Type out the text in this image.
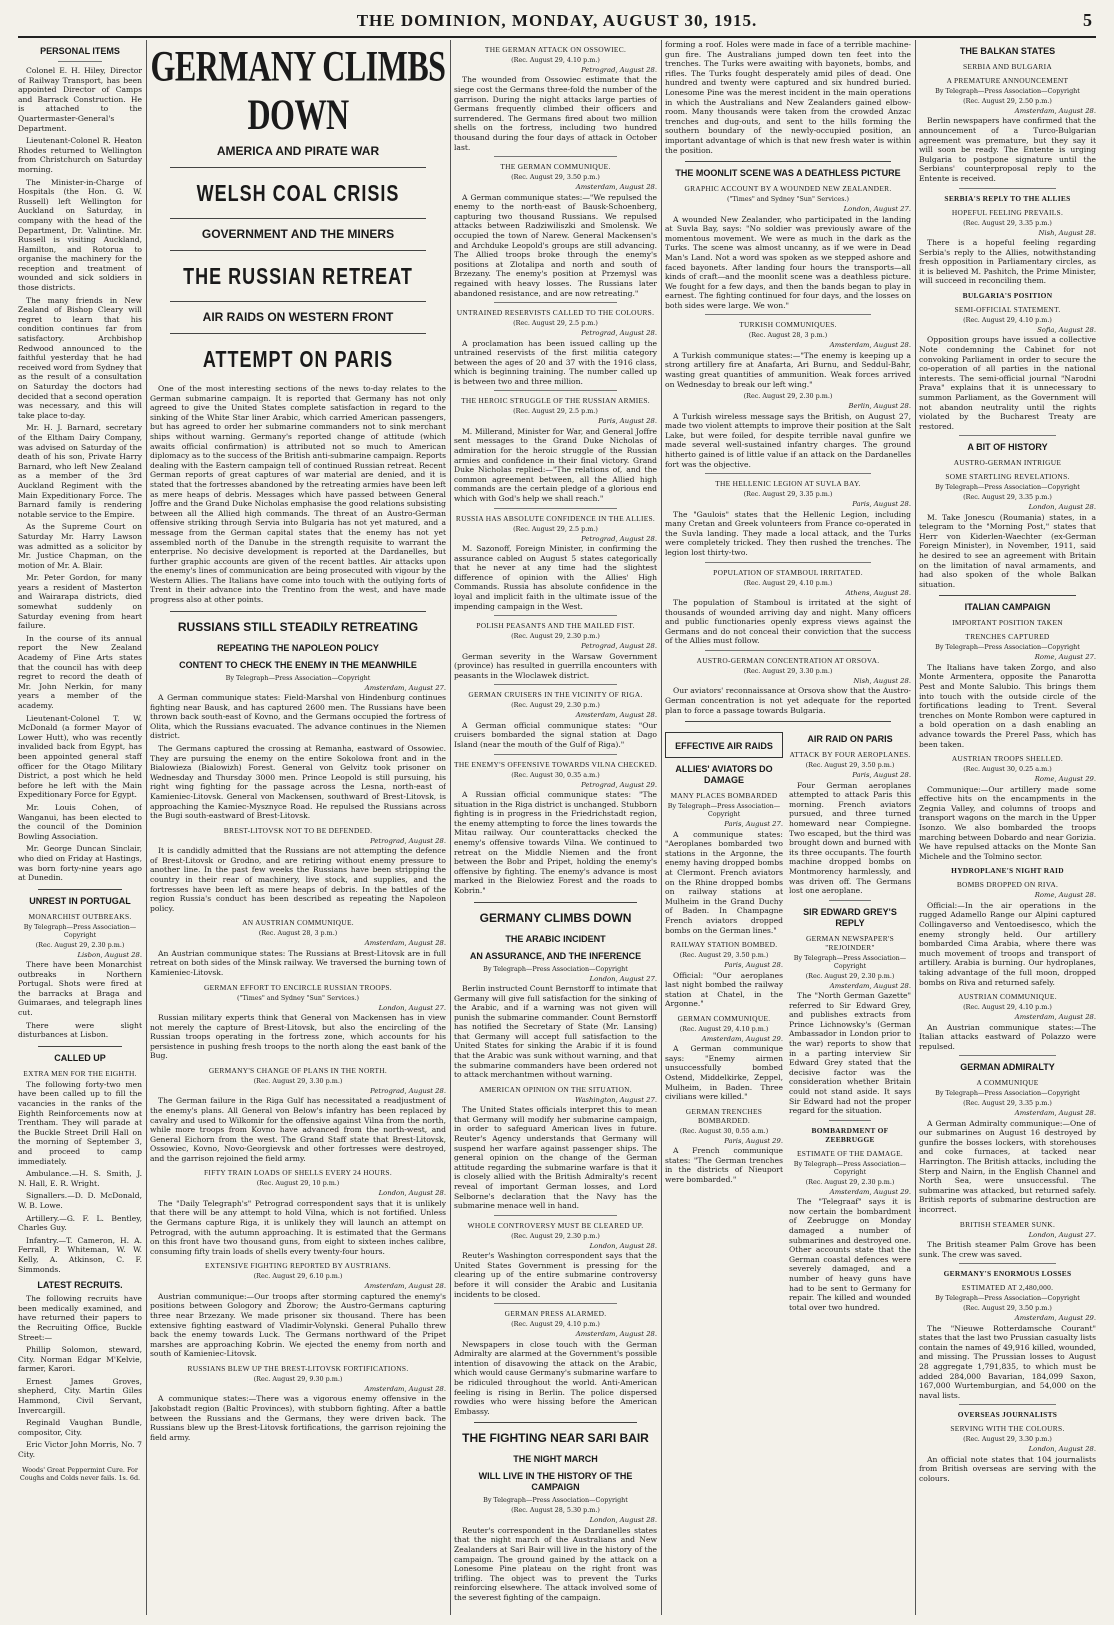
THE DOMINION, MONDAY, AUGUST 30, 1915.	5
PERSONAL ITEMS

Colonel E. H. Hiley, Director of Railway Transport, has been appointed Director of Camps and Barrack Construction. He is attached to the Quartermaster-General's Department.

Lieutenant-Colonel R. Heaton Rhodes returned to Wellington from Christchurch on Saturday morning.

The Minister-in-Charge of Hospitals (the Hon. G. W. Russell) left Wellington for Auckland on Saturday, in company with the head of the Department, Dr. Valintine. Mr. Russell is visiting Auckland, Hamilton, and Rotorua to organise the machinery for the reception and treatment of wounded and sick soldiers in those districts.

The many friends in New Zealand of Bishop Cleary will regret to learn that his condition continues far from satisfactory. Archbishop Redwood announced to the faithful yesterday that he had received word from Sydney that as the result of a consultation on Saturday the doctors had decided that a second operation was necessary, and this will take place to-day.

Mr. H. J. Barnard, secretary of the Eltham Dairy Company, was advised on Saturday of the death of his son, Private Harry Barnard, who left New Zealand as a member of the 3rd Auckland Regiment with the Main Expeditionary Force. The Barnard family is rendering notable service to the Empire.

As the Supreme Court on Saturday Mr. Harry Lawson was admitted as a solicitor by Mr. Justice Chapman, on the motion of Mr. A. Blair.

Mr. Peter Gordon, for many years a resident of Masterton and Wairarapa districts, died somewhat suddenly on Saturday evening from heart failure.

In the course of its annual report the New Zealand Academy of Fine Arts states that the council has with deep regret to record the death of Mr. John Nerkin, for many years a member of the academy.

Lieutenant-Colonel T. W. McDonald (a former Mayor of Lower Hutt), who was recently invalided back from Egypt, has been appointed general staff officer for the Otago Military District, a post which he held before he left with the Main Expeditionary Force for Egypt.

Mr. Louis Cohen, of Wanganui, has been elected to the council of the Dominion Bowling Association.

Mr. George Duncan Sinclair, who died on Friday at Hastings, was born forty-nine years ago at Dunedin.

UNREST IN PORTUGAL
MONARCHIST OUTBREAKS.
By Telegraph—Press Association—Copyright
(Rec. August 29, 2.30 p.m.)
Lisbon, August 28.

There have been Monarchist outbreaks in Northern Portugal. Shots were fired at the barracks at Braga and Guimaraes, and telegraph lines cut.

There were slight disturbances at Lisbon.

CALLED UP
EXTRA MEN FOR THE EIGHTH.

The following forty-two men have been called up to fill the vacancies in the ranks of the Eighth Reinforcements now at Trentham. They will parade at the Buckle Street Drill Hall on the morning of September 3, and proceed to camp immediately.

Ambulance.—H. S. Smith, J. N. Hall, E. R. Wright.

Signallers.—D. D. McDonald, W. B. Lowe.

Artillery.—G. F. L. Bentley, Charles Guy.

Infantry.—T. Cameron, H. A. Ferrall, P. Whiteman, W. W. Kelly, A. Atkinson, C. F. Simmonds.

LATEST RECRUITS.

The following recruits have been medically examined, and have returned their papers to the Recruiting Office, Buckle Street:—

Phillip Solomon, steward, City. Norman Edgar M'Kelvie, farmer, Karori.

Ernest James Groves, shepherd, City. Martin Giles Hammond, Civil Servant, Invercargill.

Reginald Vaughan Bundle, compositor, City.

Eric Victor John Morris, No. 7 City.

Woods' Great Peppermint Cure. For Coughs and Colds never fails. 1s. 6d.
GERMANY CLIMBS DOWN
AMERICA AND PIRATE WAR
WELSH COAL CRISIS
GOVERNMENT AND THE MINERS
THE RUSSIAN RETREAT
AIR RAIDS ON WESTERN FRONT
ATTEMPT ON PARIS

One of the most interesting sections of the news to-day relates to the German submarine campaign. It is reported that Germany has not only agreed to give the United States complete satisfaction in regard to the sinking of the White Star liner Arabic, which carried American passengers, but has agreed to order her submarine commanders not to sink merchant ships without warning. Germany's reported change of attitude (which awaits official confirmation) is attributed not so much to American diplomacy as to the success of the British anti-submarine campaign. Reports dealing with the Eastern campaign tell of continued Russian retreat. Recent German reports of great captures of war material are denied, and it is stated that the fortresses abandoned by the retreating armies have been left as mere heaps of debris. Messages which have passed between General Joffre and the Grand Duke Nicholas emphasise the good relations subsisting between all the Allied high commands. The threat of an Austro-German offensive striking through Servia into Bulgaria has not yet matured, and a message from the German capital states that the enemy has not yet assembled north of the Danube in the strength requisite to warrant the enterprise. No decisive development is reported at the Dardanelles, but further graphic accounts are given of the recent battles. Air attacks upon the enemy's lines of communication are being prosecuted with vigour by the Western Allies. The Italians have come into touch with the outlying forts of Trent in their advance into the Trentino from the west, and have made progress also at other points.

RUSSIANS STILL STEADILY RETREATING
REPEATING THE NAPOLEON POLICY
CONTENT TO CHECK THE ENEMY IN THE MEANWHILE
By Telegraph—Press Association—Copyright
Amsterdam, August 27.

A German communique states: Field-Marshal von Hindenburg continues fighting near Bausk, and has captured 2600 men. The Russians have been thrown back south-east of Kovno, and the Germans occupied the fortress of Olita, which the Russians evacuated. The advance continues in the Niemen district.

The Germans captured the crossing at Remanha, eastward of Ossowiec. They are pursuing the enemy on the entire Sokolowa front and in the Bialowieza (Bialowizh) Forest. General von Gelvitz took prisoner on Wednesday and Thursday 3000 men. Prince Leopold is still pursuing, his right wing fighting for the passage across the Lesna, north-east of Kamieniec-Litovsk. General von Mackensen, southward of Brest-Litovsk, is approaching the Kamiec-Mysznyce Road. He repulsed the Russians across the Bugi south-eastward of Brest-Litovsk.

BREST-LITOVSK NOT TO BE DEFENDED.
Petrograd, August 28.

It is candidly admitted that the Russians are not attempting the defence of Brest-Litovsk or Grodno, and are retiring without enemy pressure to another line. In the past few weeks the Russians have been stripping the country in their rear of machinery, live stock, and supplies, and the fortresses have been left as mere heaps of debris. In the battles of the region Russia's conduct has been described as repeating the Napoleon policy.

AN AUSTRIAN COMMUNIQUE.
(Rec. August 28, 3 p.m.)
Amsterdam, August 28.

An Austrian communique states: The Russians at Brest-Litovsk are in full retreat on both sides of the Minsk railway. We traversed the burning town of Kamieniec-Litovsk.

GERMAN EFFORT TO ENCIRCLE RUSSIAN TROOPS.
("Times" and Sydney "Sun" Services.)
London, August 27.

Russian military experts think that General von Mackensen has in view not merely the capture of Brest-Litovsk, but also the encircling of the Russian troops operating in the fortress zone, which accounts for his persistence in pushing fresh troops to the north along the east bank of the Bug.

GERMANY'S CHANGE OF PLANS IN THE NORTH.
(Rec. August 29, 3.30 p.m.)
Petrograd, August 28.

The German failure in the Riga Gulf has necessitated a readjustment of the enemy's plans. All General von Below's infantry has been replaced by cavalry and used to Wilkomir for the offensive against Vilna from the north, while more troops from Kovno have advanced from the north-west, and General Eichorn from the west. The Grand Staff state that Brest-Litovsk, Ossowiec, Kovno, Novo-Georgievsk and other fortresses were destroyed, and the garrison rejoined the field army.

FIFTY TRAIN LOADS OF SHELLS EVERY 24 HOURS.
(Rec. August 29, 10 p.m.)
London, August 28.

The "Daily Telegraph's" Petrograd correspondent says that it is unlikely that there will be any attempt to hold Vilna, which is not fortified. Unless the Germans capture Riga, it is unlikely they will launch an attempt on Petrograd, with the autumn approaching. It is estimated that the Germans on this front have two thousand guns, from eight to sixteen inches calibre, consuming fifty train loads of shells every twenty-four hours.

EXTENSIVE FIGHTING REPORTED BY AUSTRIANS.
(Rec. August 29, 6.10 p.m.)
Amsterdam, August 28.

Austrian communique:—Our troops after storming captured the enemy's positions between Gologory and Zborow; the Austro-Germans capturing three near Brzezany. We made prisoner six thousand. There has been extensive fighting eastward of Vladimir-Volynski. General Puhallo threw back the enemy towards Luck. The Germans northward of the Pripet marshes are approaching Kobrin. We ejected the enemy from north and south of Kamieniec-Litovsk.

RUSSIANS BLEW UP THE BREST-LITOVSK FORTIFICATIONS.
(Rec. August 29, 9.30 p.m.)
Amsterdam, August 28.

A communique states:—There was a vigorous enemy offensive in the Jakobstadt region (Baltic Provinces), with stubborn fighting. After a battle between the Russians and the Germans, they were driven back. The Russians blew up the Brest-Litovsk fortifications, the garrison rejoining the field army.

THE GERMAN ATTACK ON OSSOWIEC.
(Rec. August 29, 4.10 p.m.)
Petrograd, August 28.

The wounded from Ossowiec estimate that the siege cost the Germans three-fold the number of the garrison. During the night attacks large parties of Germans frequently climbed their officers and surrendered. The Germans fired about two million shells on the fortress, including two hundred thousand during the four days of attack in October last.

THE GERMAN COMMUNIQUE.
(Rec. August 29, 3.50 p.m.)
Amsterdam, August 28.

A German communique states:—"We repulsed the enemy to the north-east of Bausk-Schoenberg, capturing two thousand Russians. We repulsed attacks between Radziwiliszki and Smolensk. We occupied the town of Narew. General Mackensen's and Archduke Leopold's groups are still advancing. The Allied troops broke through the enemy's positions at Zlotalipa and north and south of Brzezany. The enemy's position at Przemysl was regained with heavy losses. The Russians later abandoned resistance, and are now retreating."

UNTRAINED RESERVISTS CALLED TO THE COLOURS.
(Rec. August 29, 2.5 p.m.)
Petrograd, August 28.

A proclamation has been issued calling up the untrained reservists of the first militia category between the ages of 20 and 37 with the 1916 class, which is beginning training. The number called up is between two and three million.

THE HEROIC STRUGGLE OF THE RUSSIAN ARMIES.
(Rec. August 29, 2.5 p.m.)
Paris, August 28.

M. Millerand, Minister for War, and General Joffre sent messages to the Grand Duke Nicholas of admiration for the heroic struggle of the Russian armies and confidence in their final victory. Grand Duke Nicholas replied:—"The relations of, and the common agreement between, all the Allied high commands are the certain pledge of a glorious end which with God's help we shall reach."

RUSSIA HAS ABSOLUTE CONFIDENCE IN THE ALLIES.
(Rec. August 29, 2.5 p.m.)
Petrograd, August 28.

M. Sazonoff, Foreign Minister, in confirming the assurance cabled on August 5 states categorically that he never at any time had the slightest difference of opinion with the Allies' High Commands. Russia has absolute confidence in the loyal and implicit faith in the ultimate issue of the impending campaign in the West.

POLISH PEASANTS AND THE MAILED FIST.
(Rec. August 29, 2.30 p.m.)
Petrograd, August 28.

German severity in the Warsaw Government (province) has resulted in guerrilla encounters with peasants in the Wloclawek district.

GERMAN CRUISERS IN THE VICINITY OF RIGA.
(Rec. August 29, 2.30 p.m.)
Amsterdam, August 28.

A German official communique states: "Our cruisers bombarded the signal station at Dago Island (near the mouth of the Gulf of Riga)."

THE ENEMY'S OFFENSIVE TOWARDS VILNA CHECKED.
(Rec. August 30, 0.35 a.m.)
Petrograd, August 29.

A Russian official communique states: "The situation in the Riga district is unchanged. Stubborn fighting is in progress in the Friedrichstadt region, the enemy attempting to force the lines towards the Mitau railway. Our counterattacks checked the enemy's offensive towards Vilna. We continued to retreat on the Middle Niemen and the front between the Bobr and Pripet, holding the enemy's offensive by fighting. The enemy's advance is most marked in the Bielowiez Forest and the roads to Kobrin."

GERMANY CLIMBS DOWN
THE ARABIC INCIDENT
AN ASSURANCE, AND THE INFERENCE
By Telegraph—Press Association—Copyright
London, August 27.

Berlin instructed Count Bernstorff to intimate that Germany will give full satisfaction for the sinking of the Arabic, and if a warning was not given will punish the submarine commander. Count Bernstorff has notified the Secretary of State (Mr. Lansing) that Germany will accept full satisfaction to the United States for sinking the Arabic if it is found that the Arabic was sunk without warning, and that the submarine commanders have been ordered not to attack merchantmen without warning.

AMERICAN OPINION ON THE SITUATION.
Washington, August 27.

The United States officials interpret this to mean that Germany will modify her submarine campaign, in order to safeguard American lives in future. Reuter's Agency understands that Germany will suspend her warfare against passenger ships. The general opinion on the change of the German attitude regarding the submarine warfare is that it is closely allied with the British Admiralty's recent reveal of important German losses, and Lord Selborne's declaration that the Navy has the submarine menace well in hand.

WHOLE CONTROVERSY MUST BE CLEARED UP.
(Rec. August 29, 2.30 p.m.)
London, August 28.

Reuter's Washington correspondent says that the United States Government is pressing for the clearing up of the entire submarine controversy before it will consider the Arabic and Lusitania incidents to be closed.

GERMAN PRESS ALARMED.
(Rec. August 29, 4.10 p.m.)
Amsterdam, August 28.

Newspapers in close touch with the German Admiralty are alarmed at the Government's possible intention of disavowing the attack on the Arabic, which would cause Germany's submarine warfare to be ridiculed throughout the world. Anti-American feeling is rising in Berlin. The police dispersed rowdies who were hissing before the American Embassy.

THE FIGHTING NEAR SARI BAIR
THE NIGHT MARCH
WILL LIVE IN THE HISTORY OF THE CAMPAIGN
By Telegraph—Press Association—Copyright
(Rec. August 28, 5.30 p.m.)
London, August 28.

Reuter's correspondent in the Dardanelles states that the night march of the Australians and New Zealanders at Sari Bair will live in the history of the campaign. The ground gained by the attack on a Lonesome Pine plateau on the right front was trifling. The object was to prevent the Turks reinforcing elsewhere. The attack involved some of the severest fighting of the campaign.

forming a roof. Holes were made in face of a terrible machine-gun fire. The Australians jumped down ten feet into the trenches. The Turks were awaiting with bayonets, bombs, and rifles. The Turks fought desperately amid piles of dead. One hundred and twenty were captured and six hundred buried. Lonesome Pine was the merest incident in the main operations in which the Australians and New Zealanders gained elbow-room. Many thousands were taken from the crowded Anzac trenches and dug-outs, and sent to the hills forming the southern boundary of the newly-occupied position, an important advantage of which is that new fresh water is within the position.

THE MOONLIT SCENE WAS A DEATHLESS PICTURE
GRAPHIC ACCOUNT BY A WOUNDED NEW ZEALANDER.
("Times" and Sydney "Sun" Services.)
London, August 27.

A wounded New Zealander, who participated in the landing at Suvla Bay, says: "No soldier was previously aware of the momentous movement. We were as much in the dark as the Turks. The scene was almost uncanny, as if we were in Dead Man's Land. Not a word was spoken as we stepped ashore and faced bayonets. After landing four hours the transports—all kinds of craft—and the moonlit scene was a deathless picture. We fought for a few days, and then the bands began to play in earnest. The fighting continued for four days, and the losses on both sides were large. We won."

TURKISH COMMUNIQUES.
(Rec. August 28, 3 p.m.)
Amsterdam, August 28.

A Turkish communique states:—"The enemy is keeping up a strong artillery fire at Anafarta, Ari Burnu, and Seddul-Bahr, wasting great quantities of ammunition. Weak forces arrived on Wednesday to break our left wing."

(Rec. August 29, 2.30 p.m.)
Berlin, August 28.

A Turkish wireless message says the British, on August 27, made two violent attempts to improve their position at the Salt Lake, but were foiled, for despite terrible naval gunfire we made several well-sustained infantry charges. The ground hitherto gained is of little value if an attack on the Dardanelles fort was the objective.

THE HELLENIC LEGION AT SUVLA BAY.
(Rec. August 29, 3.35 p.m.)
Paris, August 28.

The "Gaulois" states that the Hellenic Legion, including many Cretan and Greek volunteers from France co-operated in the Suvla landing. They made a local attack, and the Turks were completely tricked. They then rushed the trenches. The legion lost thirty-two.

POPULATION OF STAMBOUL IRRITATED.
(Rec. August 29, 4.10 p.m.)
Athens, August 28.

The population of Stamboul is irritated at the sight of thousands of wounded arriving day and night. Many officers and public functionaries openly express views against the Germans and do not conceal their conviction that the success of the Allies must follow.

AUSTRO-GERMAN CONCENTRATION AT ORSOVA.
(Rec. August 29, 3.30 p.m.)
Nish, August 28.

Our aviators' reconnaissance at Orsova show that the Austro-German concentration is not yet adequate for the reported plan to force a passage towards Bulgaria.

EFFECTIVE AIR RAIDS
ALLIES' AVIATORS DO DAMAGE
MANY PLACES BOMBARDED
By Telegraph—Press Association—Copyright
Paris, August 27.

A communique states: "Aeroplanes bombarded two stations in the Argonne, the enemy having dropped bombs at Clermont. French aviators on the Rhine dropped bombs on railway stations at Mulheim in the Grand Duchy of Baden. In Champagne French aviators dropped bombs on the German lines."

RAILWAY STATION BOMBED.
(Rec. August 29, 3.50 p.m.)
Paris, August 28.

Official: "Our aeroplanes last night bombed the railway station at Chatel, in the Argonne."

GERMAN COMMUNIQUE.
(Rec. August 29, 4.10 p.m.)
Amsterdam, August 29.

A German communique says: "Enemy airmen unsuccessfully bombed Ostend, Middelkirke, Zeppel, Mulheim, in Baden. Three civilians were killed."

GERMAN TRENCHES BOMBARDED.
(Rec. August 30, 0.55 a.m.)
Paris, August 29.

A French communique states: "The German trenches in the districts of Nieuport were bombarded."

AIR RAID ON PARIS
ATTACK BY FOUR AEROPLANES.
(Rec. August 29, 3.50 p.m.)
Paris, August 28.

Four German aeroplanes attempted to attack Paris this morning. French aviators pursued, and three turned homeward near Compiegne. Two escaped, but the third was brought down and burned with its three occupants. The fourth machine dropped bombs on Montmorency harmlessly, and was driven off. The Germans lost one aeroplane.

SIR EDWARD GREY'S REPLY
GERMAN NEWSPAPER'S "REJOINDER"
By Telegraph—Press Association—Copyright
(Rec. August 29, 2.30 p.m.)
Amsterdam, August 28.

The "North German Gazette" referred to Sir Edward Grey, and publishes extracts from Prince Lichnowsky's (German Ambassador in London prior to the war) reports to show that in a parting interview Sir Edward Grey stated that the decisive factor was the consideration whether Britain could not stand aside. It says Sir Edward had not the proper regard for the situation.

BOMBARDMENT OF ZEEBRUGGE
ESTIMATE OF THE DAMAGE.
By Telegraph—Press Association—Copyright
(Rec. August 29, 2.30 p.m.)
Amsterdam, August 29.

The "Telegraaf" says it is now certain the bombardment of Zeebrugge on Monday damaged a number of submarines and destroyed one. Other accounts state that the German coastal defences were severely damaged, and a number of heavy guns have had to be sent to Germany for repair. The killed and wounded total over two hundred.

THE BALKAN STATES
SERBIA AND BULGARIA
A PREMATURE ANNOUNCEMENT
By Telegraph—Press Association—Copyright
(Rec. August 29, 2.50 p.m.)
Amsterdam, August 28.

Berlin newspapers have confirmed that the announcement of a Turco-Bulgarian agreement was premature, but they say it will soon be ready. The Entente is urging Bulgaria to postpone signature until the Serbians' counterproposal reply to the Entente is received.

SERBIA'S REPLY TO THE ALLIES
HOPEFUL FEELING PREVAILS.
(Rec. August 29, 3.35 p.m.)
Nish, August 28.

There is a hopeful feeling regarding Serbia's reply to the Allies, notwithstanding fresh opposition in Parliamentary circles, as it is believed M. Pashitch, the Prime Minister, will succeed in reconciling them.

BULGARIA'S POSITION
SEMI-OFFICIAL STATEMENT.
(Rec. August 29, 4.10 p.m.)
Sofia, August 28.

Opposition groups have issued a collective Note condemning the Cabinet for not convoking Parliament in order to secure the co-operation of all parties in the national interests. The semi-official journal "Narodni Prava" explains that it is unnecessary to summon Parliament, as the Government will not abandon neutrality until the rights violated by the Bucharest Treaty are restored.

A BIT OF HISTORY
AUSTRO-GERMAN INTRIGUE
SOME STARTLING REVELATIONS.
By Telegraph—Press Association—Copyright
(Rec. August 29, 3.35 p.m.)
London, August 28.

M. Take Jonescu (Roumania) states, in a telegram to the "Morning Post," states that Herr von Kiderlen-Waechter (ex-German Foreign Minister), in November, 1911, said he desired to see an agreement with Britain on the limitation of naval armaments, and had also spoken of the whole Balkan situation.

ITALIAN CAMPAIGN
IMPORTANT POSITION TAKEN
TRENCHES CAPTURED
By Telegraph—Press Association—Copyright
Rome, August 27.

The Italians have taken Zorgo, and also Monte Armentera, opposite the Panarotta Pest and Monte Salubio. This brings them into touch with the outside circle of the fortifications leading to Trent. Several trenches on Monte Rombon were captured in a bold operation on a dash enabling an advance towards the Prerel Pass, which has been taken.

AUSTRIAN TROOPS SHELLED.
(Rec. August 30, 0.25 a.m.)
Rome, August 29.

Communique:—Our artillery made some effective hits on the encampments in the Zegnia Valley, and columns of troops and transport wagons on the march in the Upper Isonzo. We also bombarded the troops marching between Dobardo and near Gorizia. We have repulsed attacks on the Monte San Michele and the Tolmino sector.

HYDROPLANE'S NIGHT RAID
BOMBS DROPPED ON RIVA.
Rome, August 28.

Official:—In the air operations in the rugged Adamello Range our Alpini captured Collingaverso and Ventoedisesco, which the enemy strongly held. Our artillery bombarded Cima Arabia, where there was much movement of troops and transport of artillery. Arabia is burning. Our hydroplanes, taking advantage of the full moon, dropped bombs on Riva and returned safely.

AUSTRIAN COMMUNIQUE.
(Rec. August 29, 4.10 p.m.)
Amsterdam, August 28.

An Austrian communique states:—The Italian attacks eastward of Polazzo were repulsed.

GERMAN ADMIRALTY
A COMMUNIQUE
By Telegraph—Press Association—Copyright
(Rec. August 29, 3.35 p.m.)
Amsterdam, August 28.

A German Admiralty communique:—One of our submarines on August 16 destroyed by gunfire the bosses lockers, with storehouses and coke furnaces, at tacked near Harrington. The British attacks, including the Sterp and Nairn, in the English Channel and North Sea, were unsuccessful. The submarine was attacked, but returned safely. British reports of submarine destruction are incorrect.

BRITISH STEAMER SUNK.
London, August 27.

The British steamer Palm Grove has been sunk. The crew was saved.

GERMANY'S ENORMOUS LOSSES
ESTIMATED AT 2,480,000.
By Telegraph—Press Association—Copyright
(Rec. August 29, 3.50 p.m.)
Amsterdam, August 29.

The "Nieuwe Rotterdamsche Courant" states that the last two Prussian casualty lists contain the names of 49,916 killed, wounded, and missing. The Prussian losses to August 28 aggregate 1,791,835, to which must be added 284,000 Bavarian, 184,099 Saxon, 167,000 Wurtemburgian, and 54,000 on the naval lists.

OVERSEAS JOURNALISTS
SERVING WITH THE COLOURS.
(Rec. August 29, 3.30 p.m.)
London, August 28.

An official note states that 104 journalists from British overseas are serving with the colours.
